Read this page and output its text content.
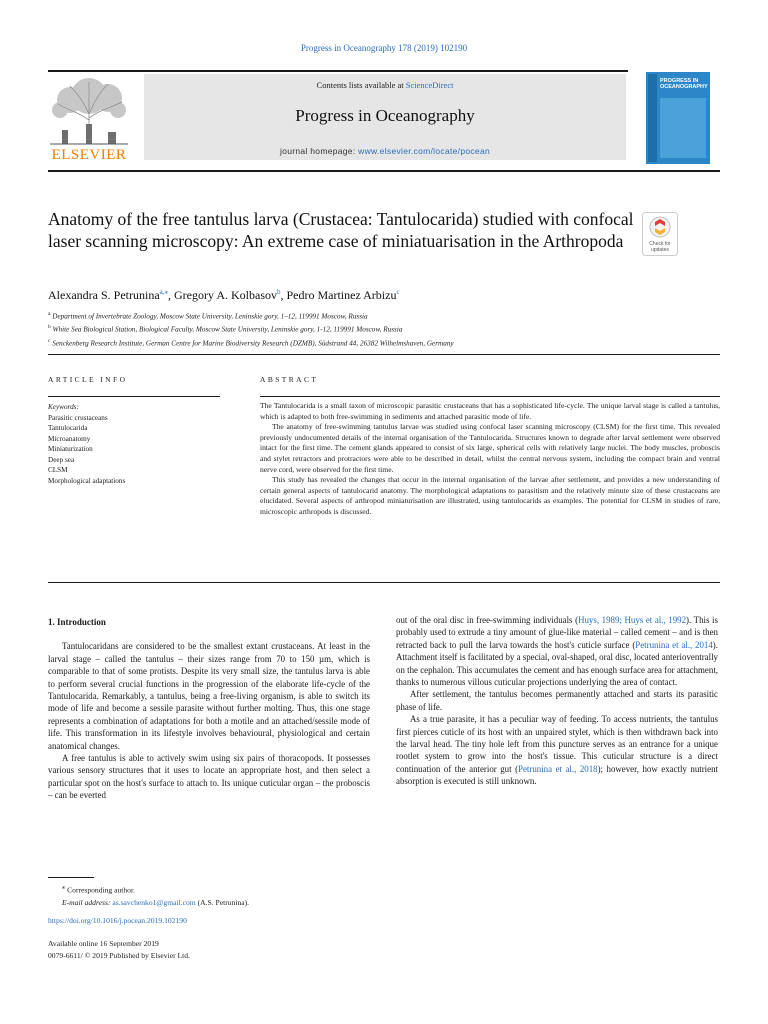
Progress in Oceanography 178 (2019) 102190
ELSEVIER
Contents lists available at ScienceDirect
Progress in Oceanography
journal homepage: www.elsevier.com/locate/pocean
PROGRESS IN
OCEANOGRAPHY
Anatomy of the free tantulus larva (Crustacea: Tantulocarida) studied with confocal laser scanning microscopy: An extreme case of miniatuarisation in the Arthropoda	Check for
updates
Alexandra S. Petrunina$^{a,⁎}$, Gregory A. Kolbasov$^b$, Pedro Martinez Arbizu$^c$
$^a$ Department of Invertebrate Zoology, Moscow State University, Leninskie gory, 1–12, 119991 Moscow, Russia
$^b$ White Sea Biological Station, Biological Faculty, Moscow State University, Leninskie gory, 1-12, 119991 Moscow, Russia
$^c$ Senckenberg Research Institute, German Centre for Marine Biodiversity Research (DZMB), Südstrand 44, 26382 Wilhelmshaven, Germany
ARTICLE INFO	ABSTRACT
Keywords:
Parasitic crustaceans
Tantulocarida
Microanatomy
Miniaturization
Deep sea
CLSM
Morphological adaptations

The Tantulocarida is a small taxon of microscopic parasitic crustaceans that has a sophisticated life-cycle. The unique larval stage is called a tantulus, which is adapted to both free-swimming in sediments and attached parasitic mode of life.

The anatomy of free-swimming tantulus larvae was studied using confocal laser scanning microscopy (CLSM) for the first time. This revealed previously undocumented details of the internal organisation of the Tantulocarida. Structures known to degrade after larval settlement were observed intact for the first time. The cement glands appeared to consist of six large, spherical cells with relatively large nuclei. The body muscles, proboscis and stylet retractors and protractors were able to be described in detail, whilst the central nervous system, including the compact brain and ventral nerve cord, were observed for the first time.

This study has revealed the changes that occur in the internal organisation of the larvae after settlement, and provides a new understanding of certain general aspects of tantulocarid anatomy. The morphological adaptations to parasitism and the relatively minute size of these crustaceans are elucidated. Several aspects of arthropod miniaturisation are illustrated, using tantulocarids as examples. The potential for CLSM in studies of rare, microscopic arthropods is discussed.

1. Introduction

Tantulocaridans are considered to be the smallest extant crustaceans. At least in the larval stage – called the tantulus – their sizes range from 70 to 150 µm, which is comparable to that of some protists. Despite its very small size, the tantulus larva is able to perform several crucial functions in the progression of the elaborate life-cycle of the Tantulocarida. Remarkably, a tantulus, being a free-living organism, is able to switch its mode of life and become a sessile parasite without further molting. Thus, this one stage represents a combination of adaptations for both a motile and an attached/sessile mode of life. This transformation in its lifestyle involves behavioural, physiological and certain anatomical changes.

A free tantulus is able to actively swim using six pairs of thoracopods. It possesses various sensory structures that it uses to locate an appropriate host, and then select a particular spot on the host's surface to attach to. Its unique cuticular organ – the proboscis – can be everted

out of the oral disc in free-swimming individuals (Huys, 1989; Huys et al., 1992). This is probably used to extrude a tiny amount of glue-like material – called cement – and is then retracted back to pull the larva towards the host's cuticle surface (Petrunina et al., 2014). Attachment itself is facilitated by a special, oval-shaped, oral disc, located anterioventrally on the cephalon. This accumulates the cement and has enough surface area for attachment, thanks to numerous villous cuticular projections underlying the area of contact.

After settlement, the tantulus becomes permanently attached and starts its parasitic phase of life.

As a true parasite, it has a peculiar way of feeding. To access nutrients, the tantulus first pierces cuticle of its host with an unpaired stylet, which is then withdrawn back into the larval head. The tiny hole left from this puncture serves as an entrance for a unique rootlet system to grow into the host's tissue. This cuticular structure is a direct continuation of the anterior gut (Petrunina et al., 2018); however, how exactly nutrient absorption is executed is still unknown.

⁎ Corresponding author.
E-mail address: as.savchenko1@gmail.com (A.S. Petrunina).
https://doi.org/10.1016/j.pocean.2019.102190
Available online 16 September 2019
0079-6611/ © 2019 Published by Elsevier Ltd.
